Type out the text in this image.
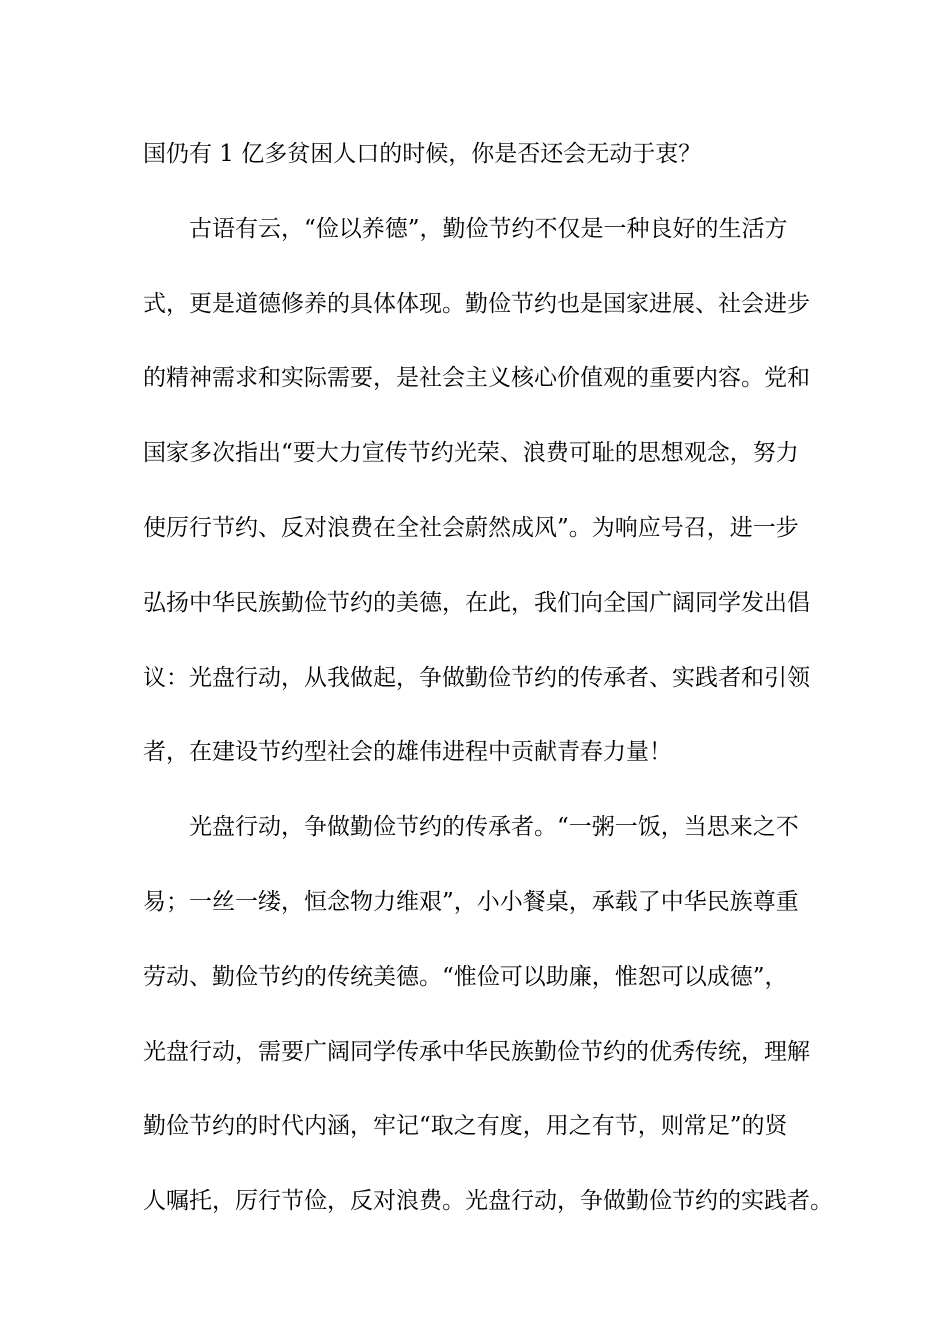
国仍有 1 亿多贫困人口的时候，你是否还会无动于衷？
古语有云，“俭以养德”，勤俭节约不仅是一种良好的生活方
式，更是道德修养的具体体现。勤俭节约也是国家进展、社会进步
的精神需求和实际需要，是社会主义核心价值观的重要内容。党和
国家多次指出“要大力宣传节约光荣、浪费可耻的思想观念，努力
使厉行节约、反对浪费在全社会蔚然成风”。为响应号召，进一步
弘扬中华民族勤俭节约的美德，在此，我们向全国广阔同学发出倡
议：光盘行动，从我做起，争做勤俭节约的传承者、实践者和引领
者，在建设节约型社会的雄伟进程中贡献青春力量！
光盘行动，争做勤俭节约的传承者。“一粥一饭，当思来之不
易；一丝一缕，恒念物力维艰”，小小餐桌，承载了中华民族尊重
劳动、勤俭节约的传统美德。“惟俭可以助廉，惟恕可以成德”，
光盘行动，需要广阔同学传承中华民族勤俭节约的优秀传统，理解
勤俭节约的时代内涵，牢记“取之有度，用之有节，则常足”的贤
人嘱托，厉行节俭，反对浪费。光盘行动，争做勤俭节约的实践者。
